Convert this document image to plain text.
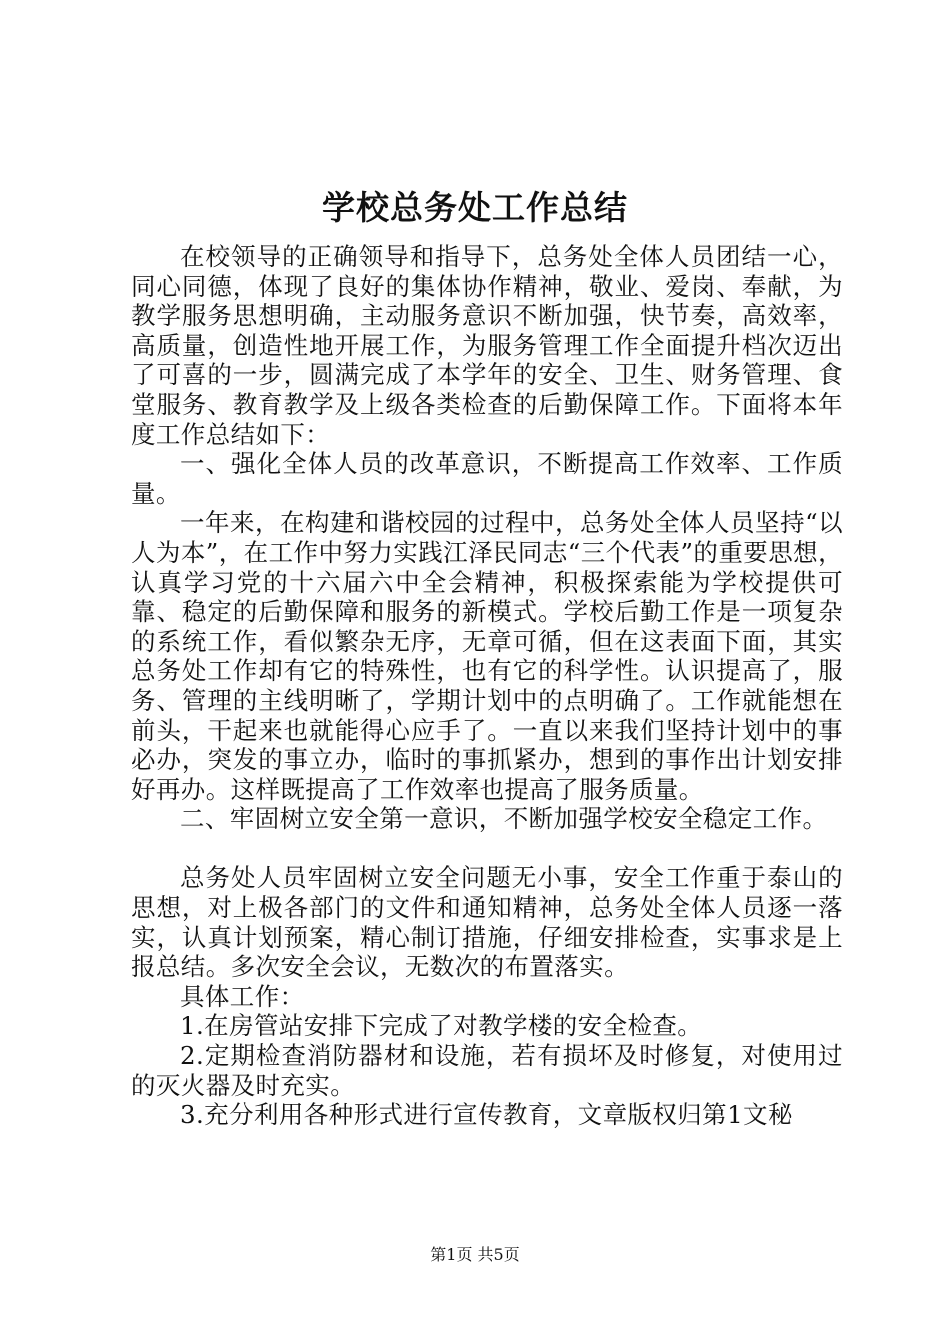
学校总务处工作总结

在校领导的正确领导和指导下，总务处全体人员团结一心，同心同德，体现了良好的集体协作精神，敬业、爱岗、奉献，为教学服务思想明确，主动服务意识不断加强，快节奏，高效率，高质量，创造性地开展工作，为服务管理工作全面提升档次迈出了可喜的一步，圆满完成了本学年的安全、卫生、财务管理、食堂服务、教育教学及上级各类检查的后勤保障工作。下面将本年度工作总结如下：

一、强化全体人员的改革意识，不断提高工作效率、工作质量。

一年来，在构建和谐校园的过程中，总务处全体人员坚持“以人为本”，在工作中努力实践江泽民同志“三个代表”的重要思想，认真学习党的十六届六中全会精神，积极探索能为学校提供可靠、稳定的后勤保障和服务的新模式。学校后勤工作是一项复杂的系统工作，看似繁杂无序，无章可循，但在这表面下面，其实总务处工作却有它的特殊性，也有它的科学性。认识提高了，服务、管理的主线明晰了，学期计划中的点明确了。工作就能想在前头，干起来也就能得心应手了。一直以来我们坚持计划中的事必办，突发的事立办，临时的事抓紧办，想到的事作出计划安排好再办。这样既提高了工作效率也提高了服务质量。

二、牢固树立安全第一意识，不断加强学校安全稳定工作。

总务处人员牢固树立安全问题无小事，安全工作重于泰山的思想，对上极各部门的文件和通知精神，总务处全体人员逐一落实，认真计划预案，精心制订措施，仔细安排检查，实事求是上报总结。多次安全会议，无数次的布置落实。

具体工作：

1.在房管站安排下完成了对教学楼的安全检查。

2.定期检查消防器材和设施，若有损坏及时修复，对使用过的灭火器及时充实。

3.充分利用各种形式进行宣传教育，文章版权归第1文秘

第1页 共5页
